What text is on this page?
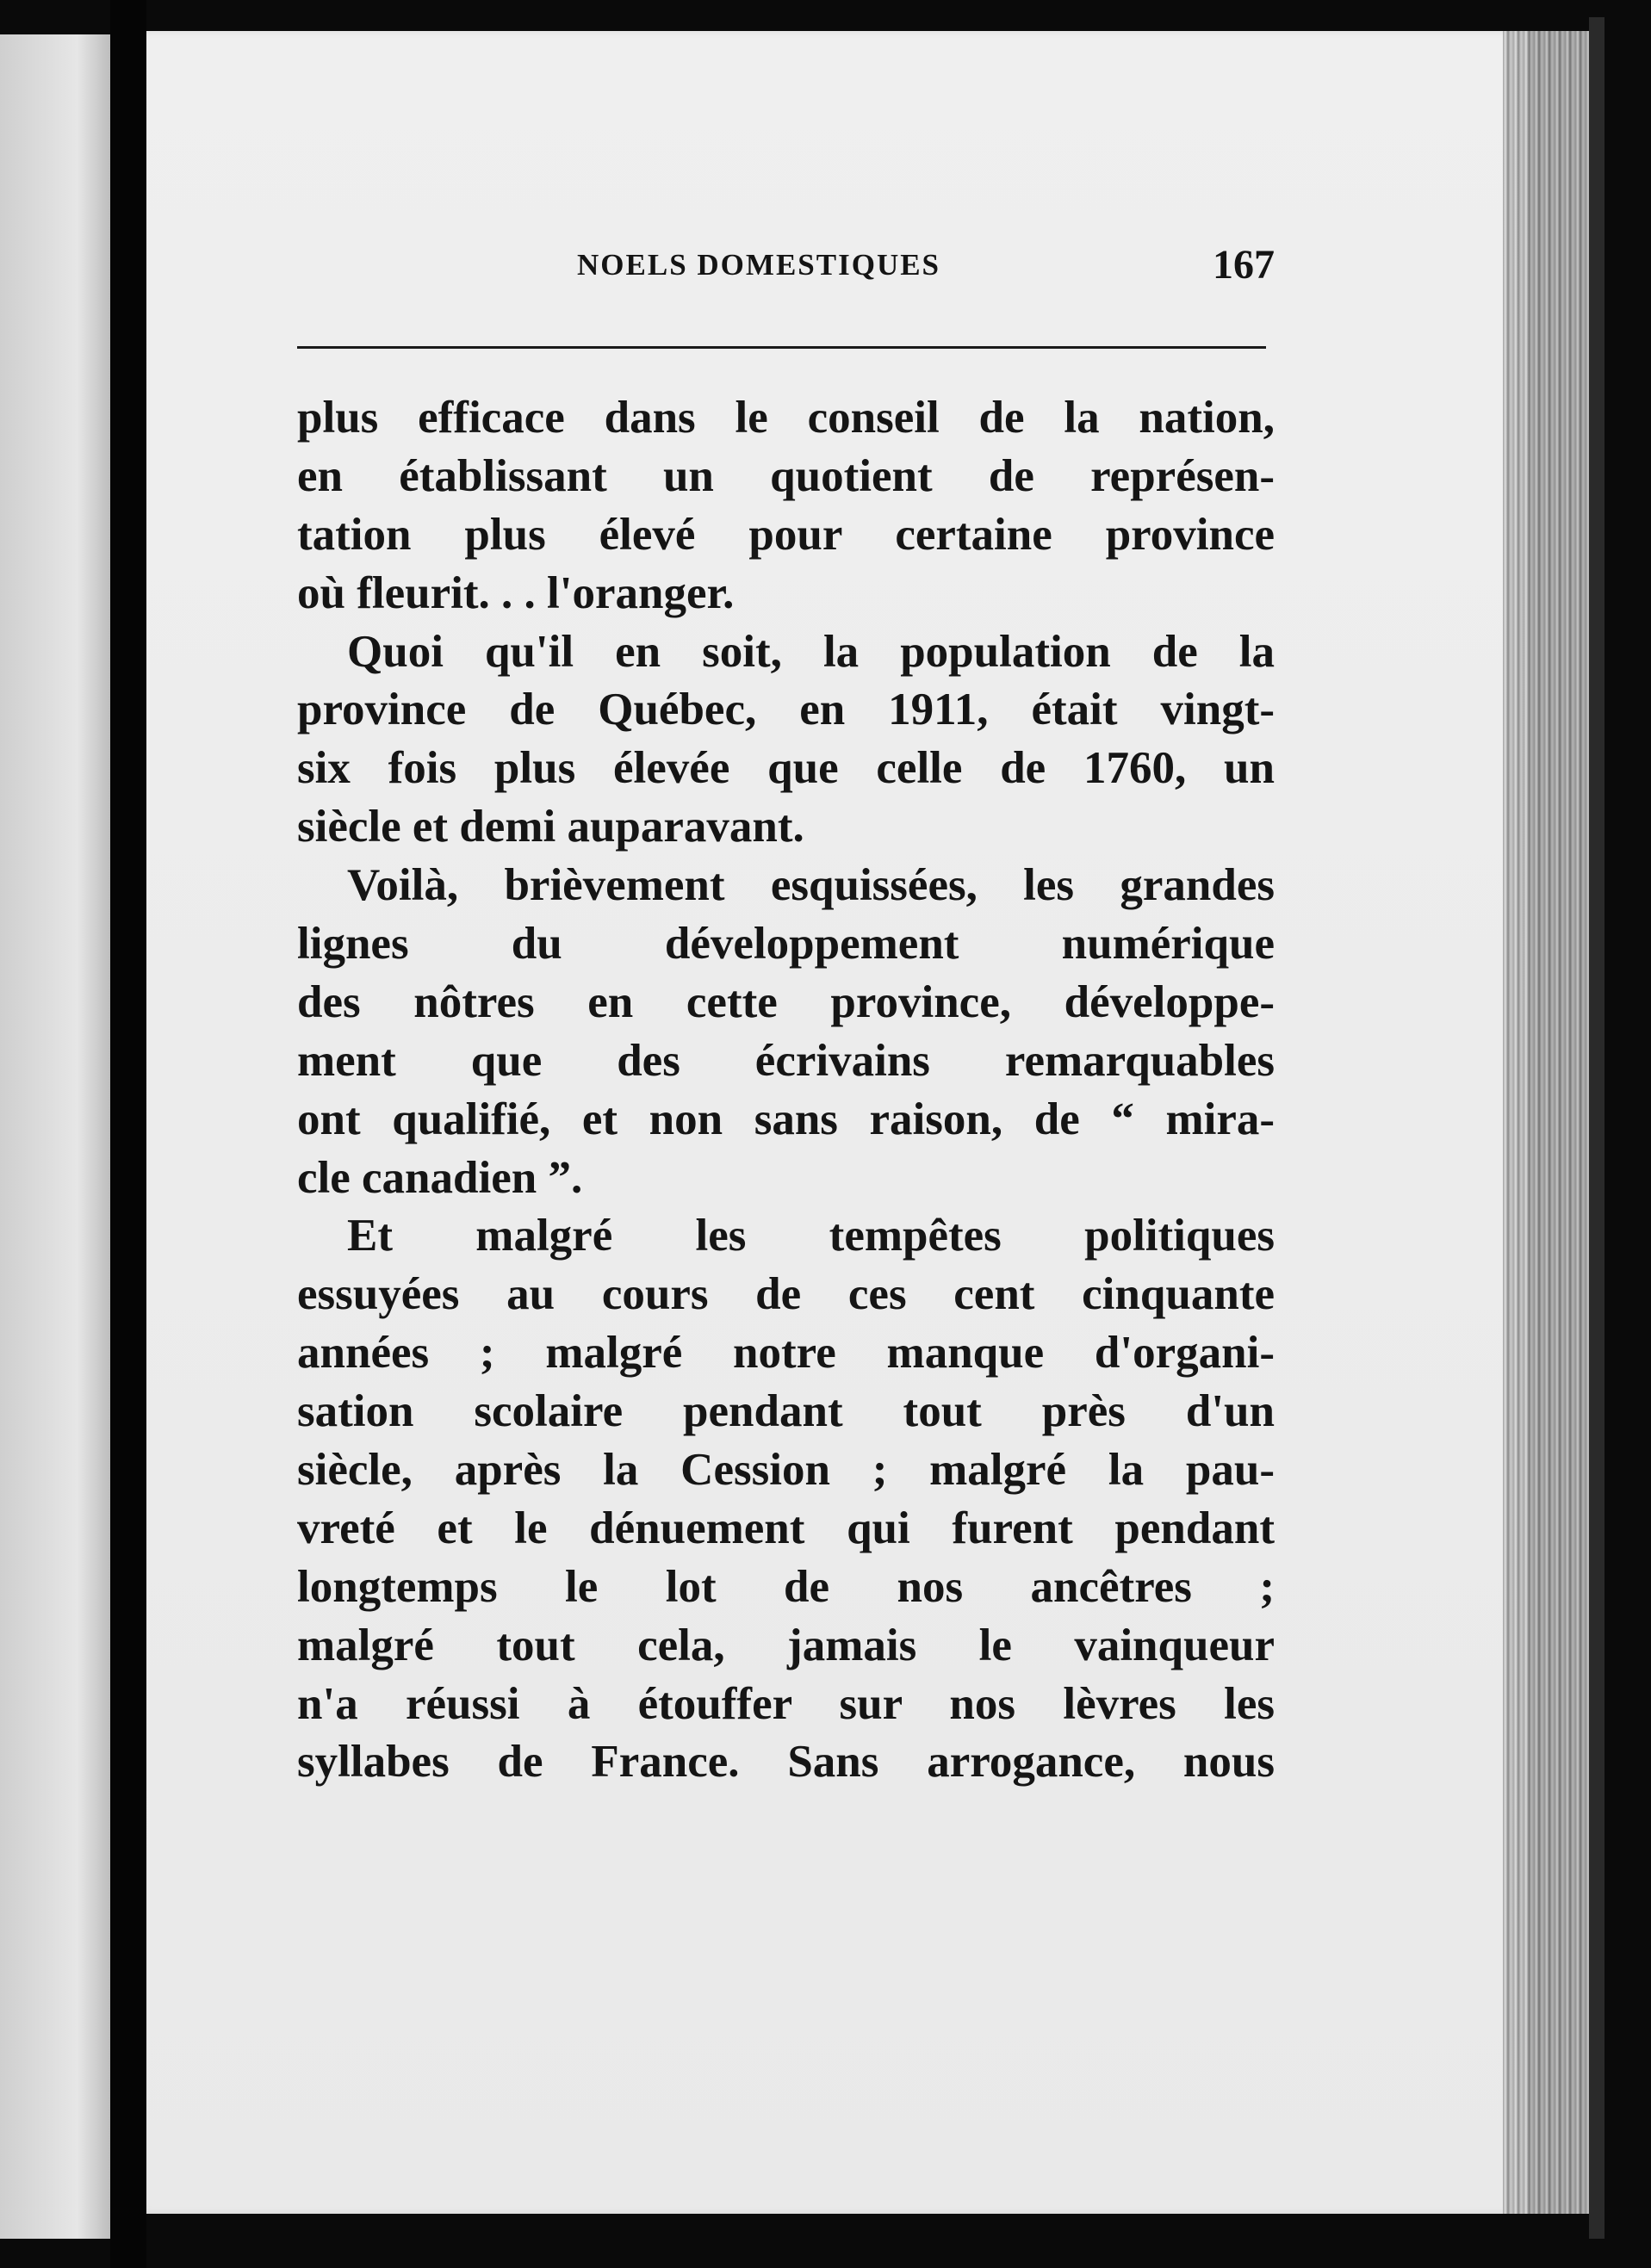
NOELS DOMESTIQUES	167
plus efficace dans le conseil de la nation,
en établissant un quotient de représen-
tation plus élevé pour certaine province
où fleurit. . . l'oranger.
Quoi qu'il en soit, la population de la
province de Québec, en 1911, était vingt-
six fois plus élevée que celle de 1760, un
siècle et demi auparavant.
Voilà, brièvement esquissées, les grandes
lignes du développement numérique
des nôtres en cette province, développe-
ment que des écrivains remarquables
ont qualifié, et non sans raison, de “ mira-
cle canadien ”.
Et malgré les tempêtes politiques
essuyées au cours de ces cent cinquante
années ; malgré notre manque d'organi-
sation scolaire pendant tout près d'un
siècle, après la Cession ; malgré la pau-
vreté et le dénuement qui furent pendant
longtemps le lot de nos ancêtres ;
malgré tout cela, jamais le vainqueur
n'a réussi à étouffer sur nos lèvres les
syllabes de France. Sans arrogance, nous
